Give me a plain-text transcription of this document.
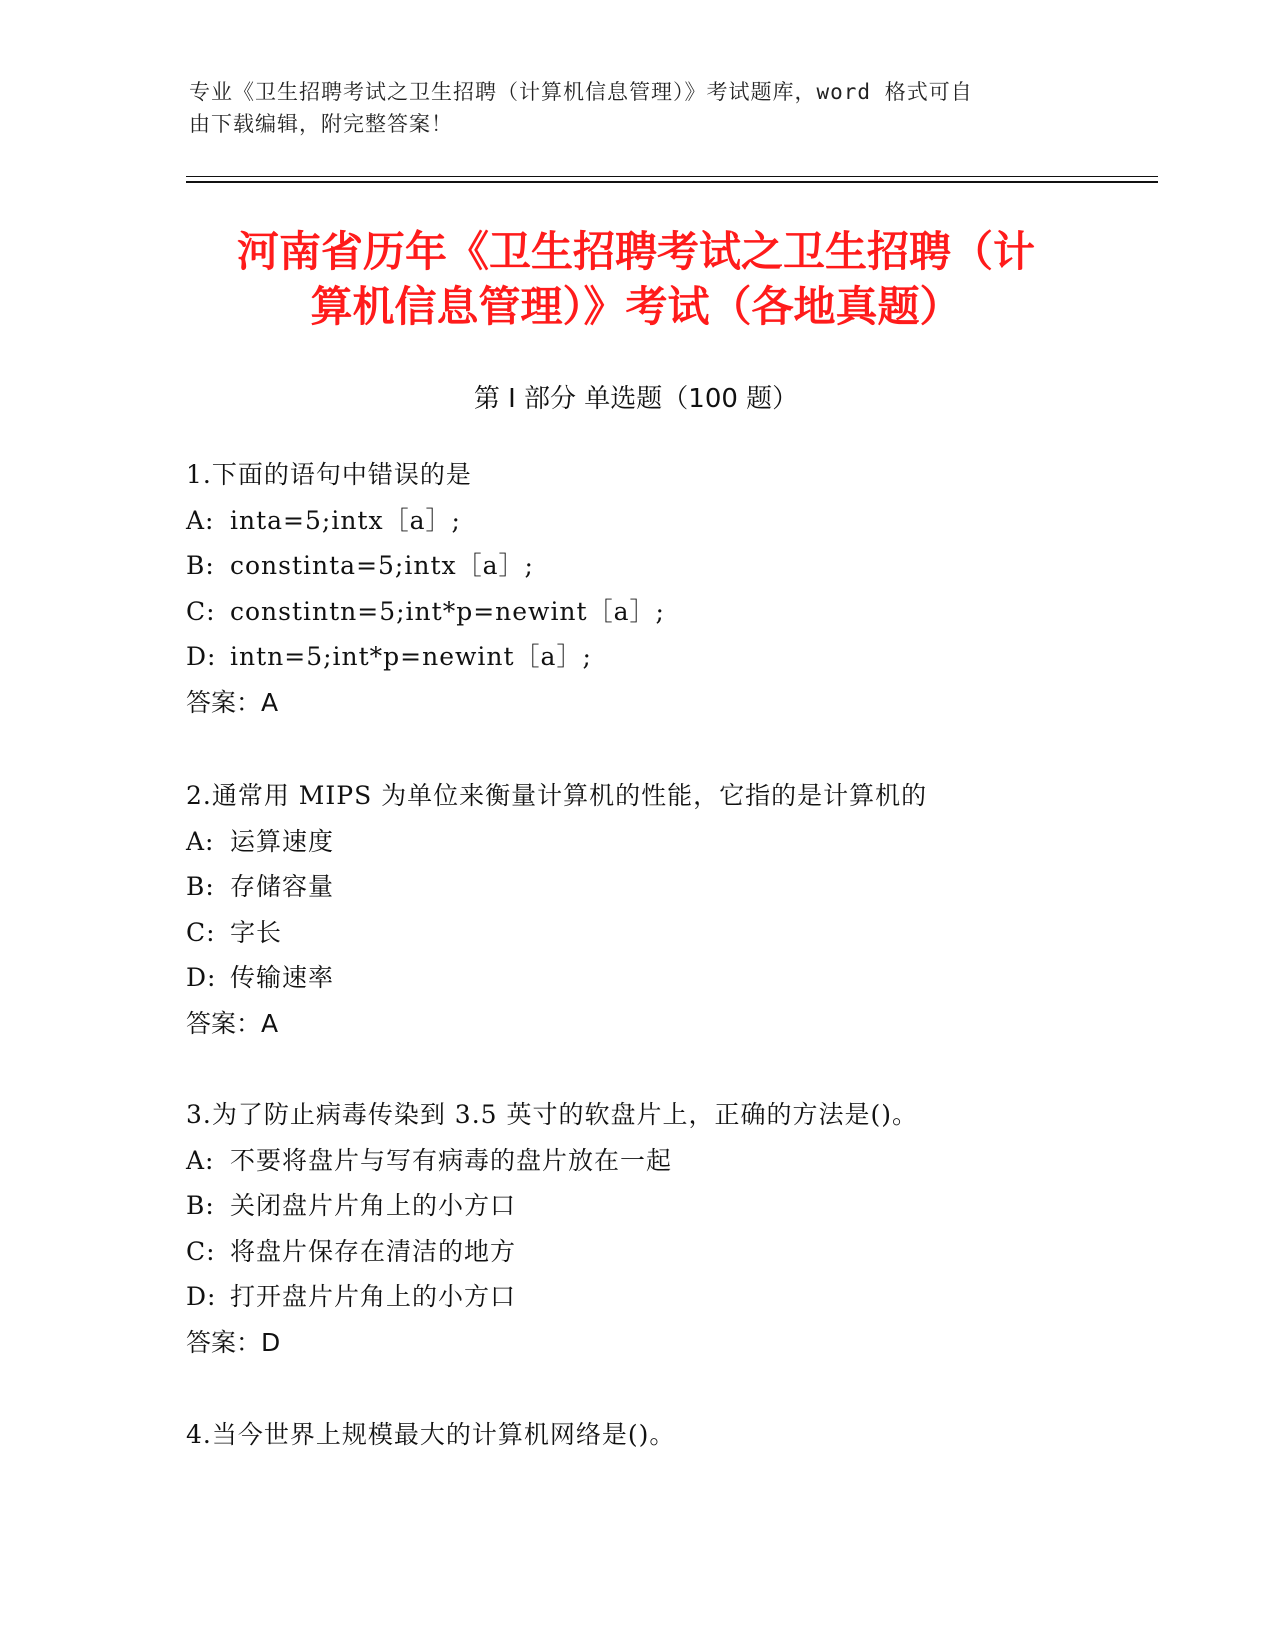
专业《卫生招聘考试之卫生招聘（计算机信息管理）》考试题库，word 格式可自
由下载编辑，附完整答案！
河南省历年《卫生招聘考试之卫生招聘（计
算机信息管理）》考试（各地真题）
第 I 部分 单选题（100 题）
1.下面的语句中错误的是
A: inta=5;intx［a］;
B: constinta=5;intx［a］;
C: constintn=5;int*p=newint［a］;
D: intn=5;int*p=newint［a］;
答案：A
2.通常用 MIPS 为单位来衡量计算机的性能，它指的是计算机的
A: 运算速度
B: 存储容量
C: 字长
D: 传输速率
答案：A
3.为了防止病毒传染到 3.5 英寸的软盘片上，正确的方法是()。
A: 不要将盘片与写有病毒的盘片放在一起
B: 关闭盘片片角上的小方口
C: 将盘片保存在清洁的地方
D: 打开盘片片角上的小方口
答案：D
4.当今世界上规模最大的计算机网络是()。
